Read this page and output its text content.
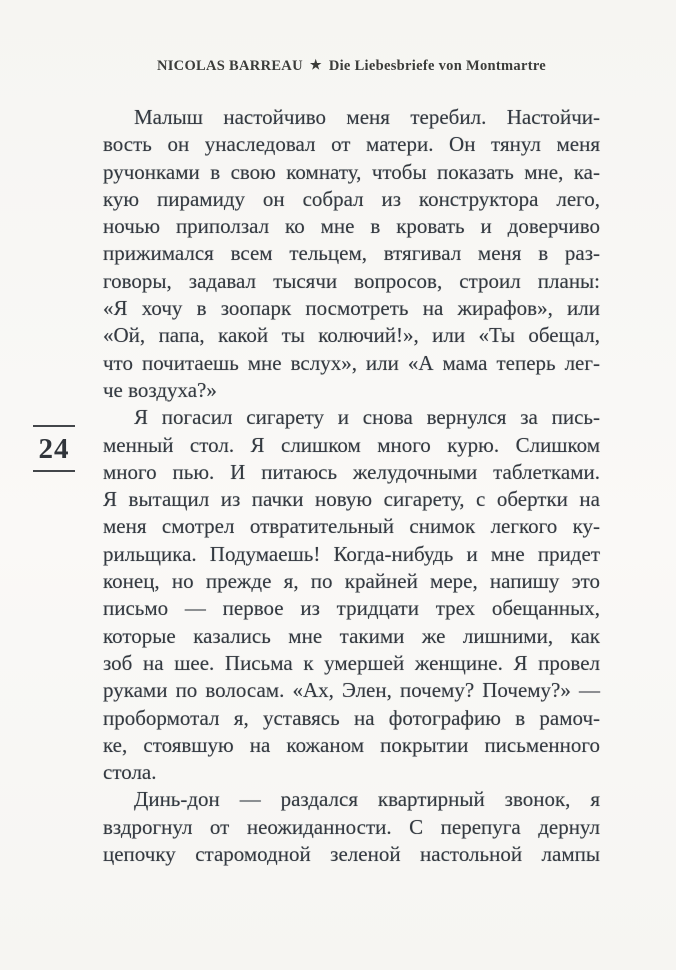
NICOLAS BARREAU ★ Die Liebesbriefe von Montmartre
24
Малыш настойчиво меня теребил. Настойчи-
вость он унаследовал от матери. Он тянул меня
ручонками в свою комнату, чтобы показать мне, ка-
кую пирамиду он собрал из конструктора лего,
ночью приползал ко мне в кровать и доверчиво
прижимался всем тельцем, втягивал меня в раз-
говоры, задавал тысячи вопросов, строил планы:
«Я хочу в зоопарк посмотреть на жирафов», или
«Ой, папа, какой ты колючий!», или «Ты обещал,
что почитаешь мне вслух», или «А мама теперь лег-
че воздуха?»
Я погасил сигарету и снова вернулся за пись-
менный стол. Я слишком много курю. Слишком
много пью. И питаюсь желудочными таблетками.
Я вытащил из пачки новую сигарету, с обертки на
меня смотрел отвратительный снимок легкого ку-
рильщика. Подумаешь! Когда-нибудь и мне придет
конец, но прежде я, по крайней мере, напишу это
письмо — первое из тридцати трех обещанных,
которые казались мне такими же лишними, как
зоб на шее. Письма к умершей женщине. Я провел
руками по волосам. «Ах, Элен, почему? Почему?» —
пробормотал я, уставясь на фотографию в рамоч-
ке, стоявшую на кожаном покрытии письменного
стола.
Динь-дон — раздался квартирный звонок, я
вздрогнул от неожиданности. С перепуга дернул
цепочку старомодной зеленой настольной лампы
